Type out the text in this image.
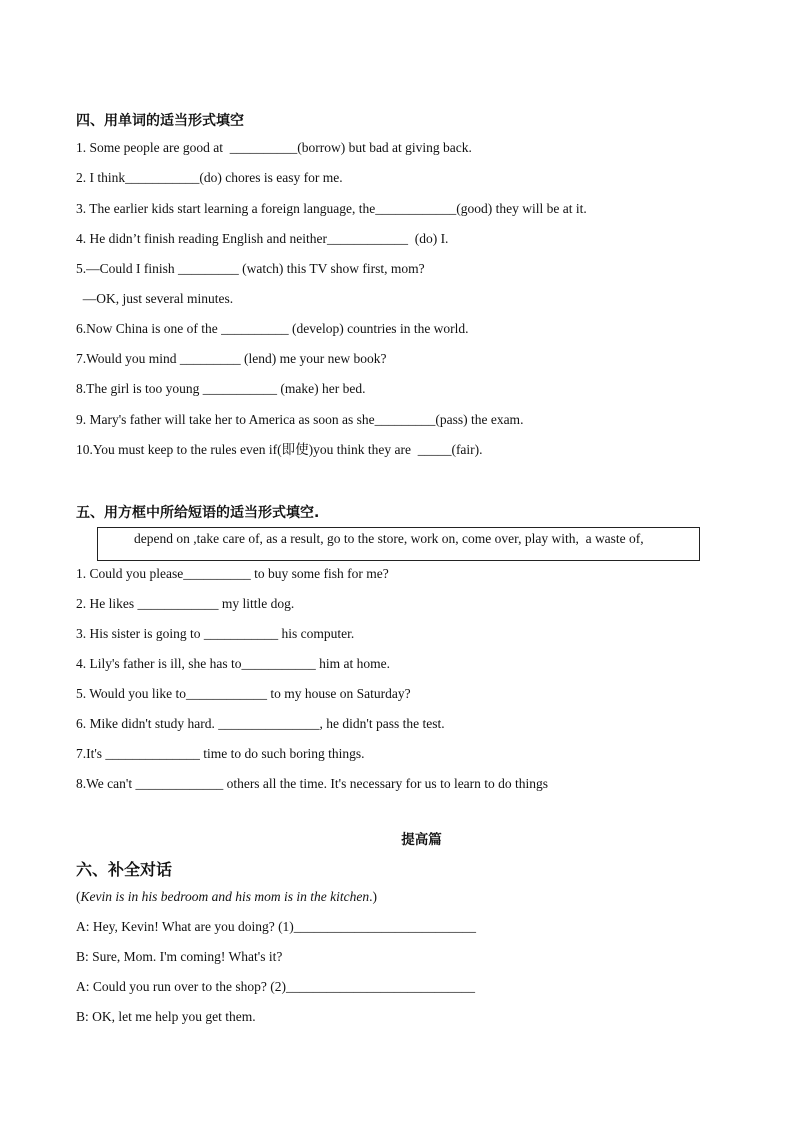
四、用单词的适当形式填空
1. Some people are good at  __________(borrow) but bad at giving back.
2. I think___________(do) chores is easy for me.
3. The earlier kids start learning a foreign language, the____________(good) they will be at it.
4. He didn’t finish reading English and neither____________  (do) I.
5.—Could I finish _________ (watch) this TV show first, mom?
—OK, just several minutes.
6.Now China is one of the __________ (develop) countries in the world.
7.Would you mind _________ (lend) me your new book?
8.The girl is too young ___________ (make) her bed.
9. Mary's father will take her to America as soon as she_________(pass) the exam.
10.You must keep to the rules even if(即使)you think they are  _____(fair).
五、用方框中所给短语的适当形式填空.
depend on ,take care of, as a result, go to the store, work on, come over, play with,  a waste of,
1. Could you please__________ to buy some fish for me?
2. He likes ____________ my little dog.
3. His sister is going to ___________ his computer.
4. Lily's father is ill, she has to___________ him at home.
5. Would you like to____________ to my house on Saturday?
6. Mike didn't study hard. _______________, he didn't pass the test.
7.It's ______________ time to do such boring things.
8.We can't _____________ others all the time. It's necessary for us to learn to do things
提高篇
六、补全对话
(Kevin is in his bedroom and his mom is in the kitchen.)
A: Hey, Kevin! What are you doing? (1)___________________________
B: Sure, Mom. I'm coming! What's it?
A: Could you run over to the shop? (2)____________________________
B: OK, let me help you get them.
